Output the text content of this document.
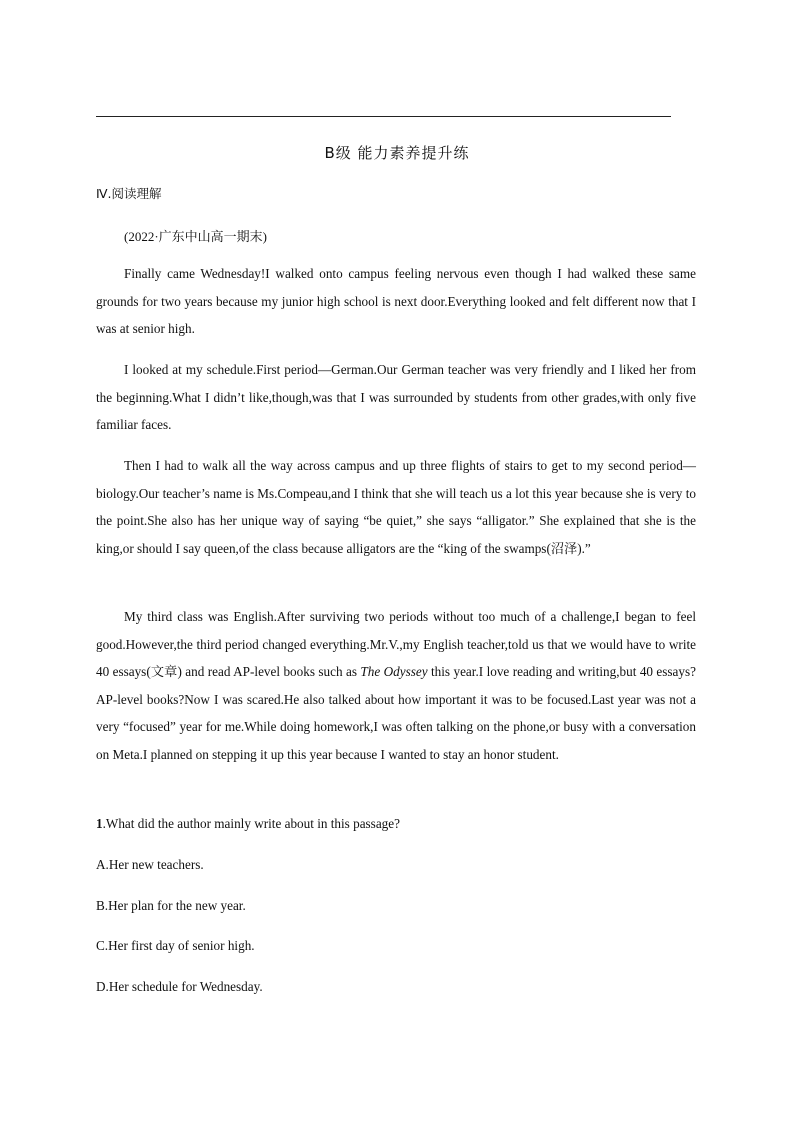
B级 能力素养提升练
Ⅳ.阅读理解
(2022·广东中山高一期末)

Finally came Wednesday!I walked onto campus feeling nervous even though I had walked these same grounds for two years because my junior high school is next door.Everything looked and felt different now that I was at senior high.

I looked at my schedule.First period—German.Our German teacher was very friendly and I liked her from the beginning.What I didn’t like,though,was that I was surrounded by students from other grades,with only five familiar faces.

Then I had to walk all the way across campus and up three flights of stairs to get to my second period—biology.Our teacher’s name is Ms.Compeau,and I think that she will teach us a lot this year because she is very to the point.She also has her unique way of saying “be quiet,” she says “alligator.” She explained that she is the king,or should I say queen,of the class because alligators are the “king of the swamps(沼泽).”

My third class was English.After surviving two periods without too much of a challenge,I began to feel good.However,the third period changed everything.Mr.V.,my English teacher,told us that we would have to write 40 essays(文章) and read AP-level books such as The Odyssey this year.I love reading and writing,but 40 essays?AP-level books?Now I was scared.He also talked about how important it was to be focused.Last year was not a very “focused” year for me.While doing homework,I was often talking on the phone,or busy with a conversation on Meta.I planned on stepping it up this year because I wanted to stay an honor student.

1.What did the author mainly write about in this passage?
A.Her new teachers.
B.Her plan for the new year.
C.Her first day of senior high.
D.Her schedule for Wednesday.
